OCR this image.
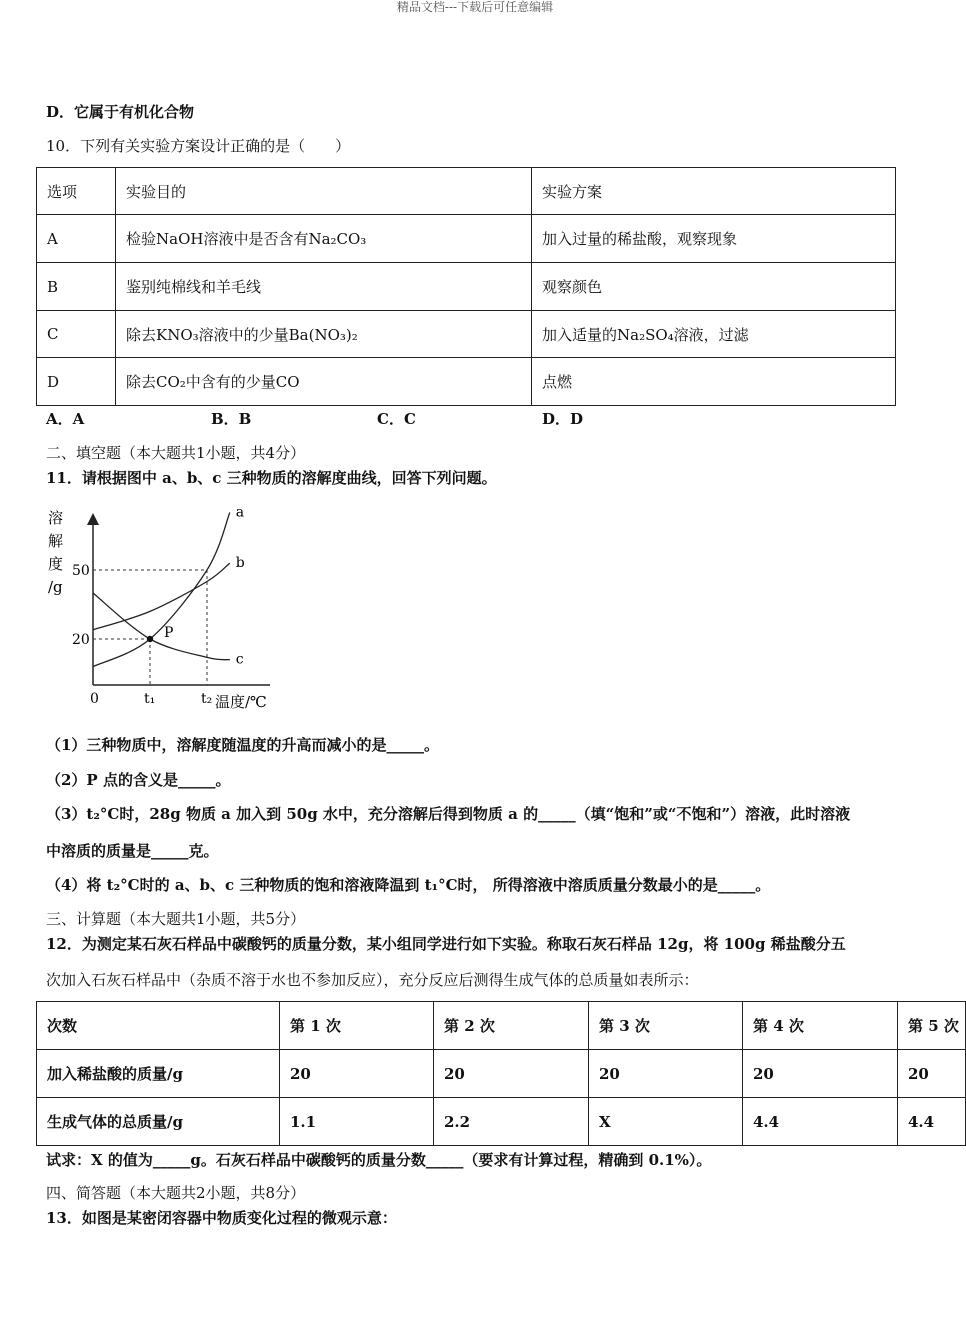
精品文档---下载后可任意编辑
D．它属于有机化合物
10．下列有关实验方案设计正确的是（　　）
选项	实验目的	实验方案
A	检验NaOH溶液中是否含有Na₂CO₃	加入过量的稀盐酸，观察现象
B	鉴别纯棉线和羊毛线	观察颜色
C	除去KNO₃溶液中的少量Ba(NO₃)₂	加入适量的Na₂SO₄溶液，过滤
D	除去CO₂中含有的少量CO	点燃
A．A	B．B	C．C	D．D
二、填空题（本大题共1小题，共4分）
11．请根据图中 a、b、c 三种物质的溶解度曲线，回答下列问题。
a
b
c
P
溶
解
度
/g
50
20
0	t₁	t₂ 温度/℃
（1）三种物质中，溶解度随温度的升高而减小的是_____。
（2）P 点的含义是_____。
（3）t₂°C时，28g 物质 a 加入到 50g 水中，充分溶解后得到物质 a 的_____（填“饱和”或“不饱和”）溶液，此时溶液
中溶质的质量是_____克。
（4）将 t₂°C时的 a、b、c 三种物质的饱和溶液降温到 t₁°C时， 所得溶液中溶质质量分数最小的是_____。
三、计算题（本大题共1小题，共5分）
12．为测定某石灰石样品中碳酸钙的质量分数，某小组同学进行如下实验。称取石灰石样品 12g，将 100g 稀盐酸分五
次加入石灰石样品中（杂质不溶于水也不参加反应），充分反应后测得生成气体的总质量如表所示：
次数	第 1 次	第 2 次	第 3 次	第 4 次	第 5 次
加入稀盐酸的质量/g	20	20	20	20	20
生成气体的总质量/g	1.1	2.2	X	4.4	4.4
试求：X 的值为_____g。石灰石样品中碳酸钙的质量分数_____（要求有计算过程，精确到 0.1%）。
四、简答题（本大题共2小题，共8分）
13．如图是某密闭容器中物质变化过程的微观示意：
